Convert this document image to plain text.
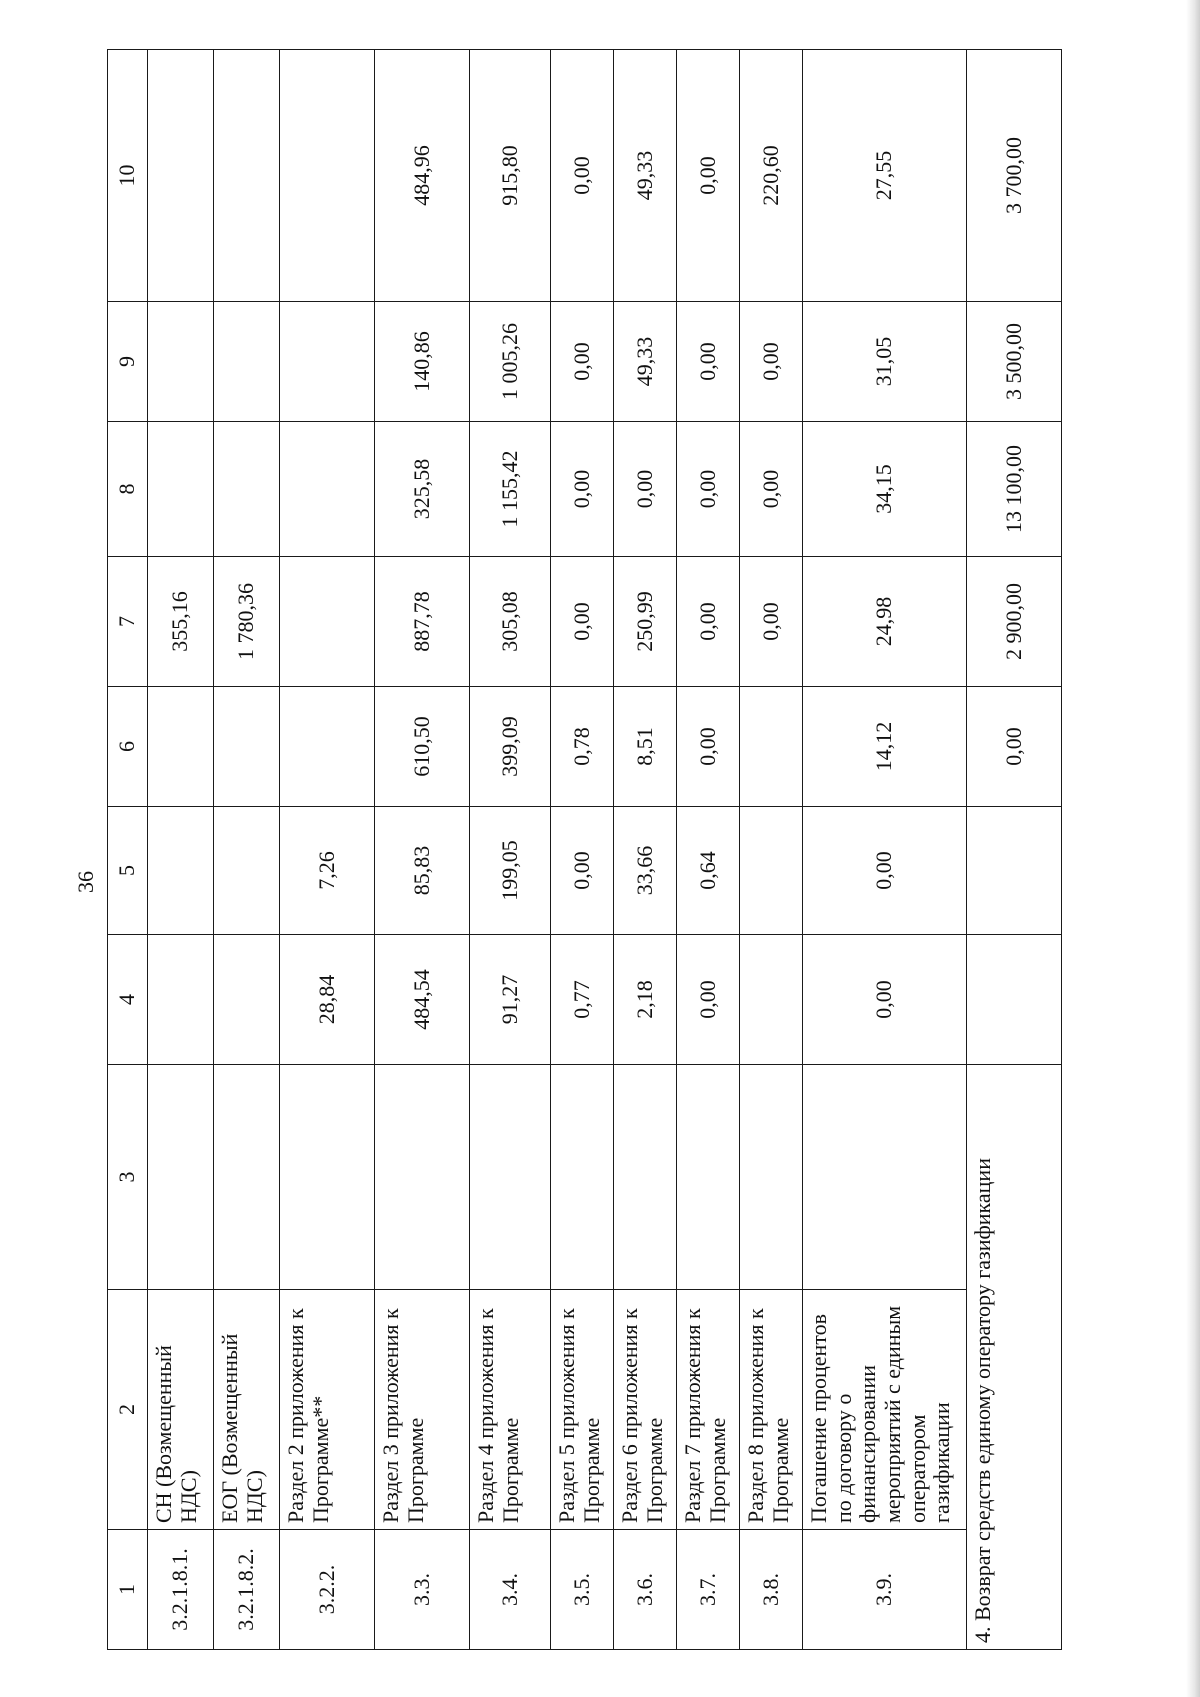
36
1	2	3	4	5	6	7	8	9	10
3.2.1.8.1.	СН (Возмещенный НДС)					355,16			
3.2.1.8.2.	ЕОГ (Возмещенный НДС)					1 780,36			
3.2.2.	Раздел 2 приложения к Программе**		28,84	7,26					
3.3.	Раздел 3 приложения к Программе		484,54	85,83	610,50	887,78	325,58	140,86	484,96
3.4.	Раздел 4 приложения к Программе		91,27	199,05	399,09	305,08	1 155,42	1 005,26	915,80
3.5.	Раздел 5 приложения к Программе		0,77	0,00	0,78	0,00	0,00	0,00	0,00
3.6.	Раздел 6 приложения к Программе		2,18	33,66	8,51	250,99	0,00	49,33	49,33
3.7.	Раздел 7 приложения к Программе		0,00	0,64	0,00	0,00	0,00	0,00	0,00
3.8.	Раздел 8 приложения к Программе					0,00	0,00	0,00	220,60
3.9.	Погашение процентов по договору о финансировании мероприятий с единым оператором газификации		0,00	0,00	14,12	24,98	34,15	31,05	27,55
4. Возврат средств единому оператору газификации					0,00	2 900,00	13 100,00	3 500,00	3 700,00
